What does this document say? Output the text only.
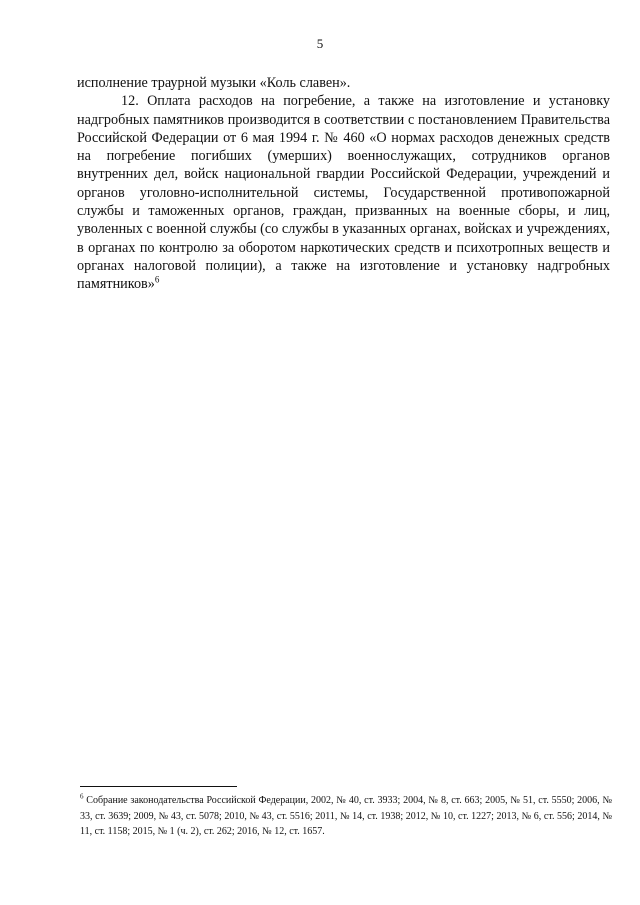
5

исполнение траурной музыки «Коль славен».

12. Оплата расходов на погребение, а также на изготовление и установку надгробных памятников производится в соответствии с постановлением Правительства Российской Федерации от 6 мая 1994 г. № 460 «О нормах расходов денежных средств на погребение погибших (умерших) военнослужащих, сотрудников органов внутренних дел, войск национальной гвардии Российской Федерации, учреждений и органов уголовно-исполнительной системы, Государственной противопожарной службы и таможенных органов, граждан, призванных на военные сборы, и лиц, уволенных с военной службы (со службы в указанных органах, войсках и учреждениях, в органах по контролю за оборотом наркотических средств и психотропных веществ и органах налоговой полиции), а также на изготовление и установку надгробных памятников»$^6$

$^6$ Собрание законодательства Российской Федерации, 2002, № 40, ст. 3933; 2004, № 8, ст. 663; 2005, № 51, ст. 5550; 2006, № 33, ст. 3639; 2009, № 43, ст. 5078; 2010, № 43, ст. 5516; 2011, № 14, ст. 1938; 2012, № 10, ст. 1227; 2013, № 6, ст. 556; 2014, № 11, ст. 1158; 2015, № 1 (ч. 2), ст. 262; 2016, № 12, ст. 1657.
